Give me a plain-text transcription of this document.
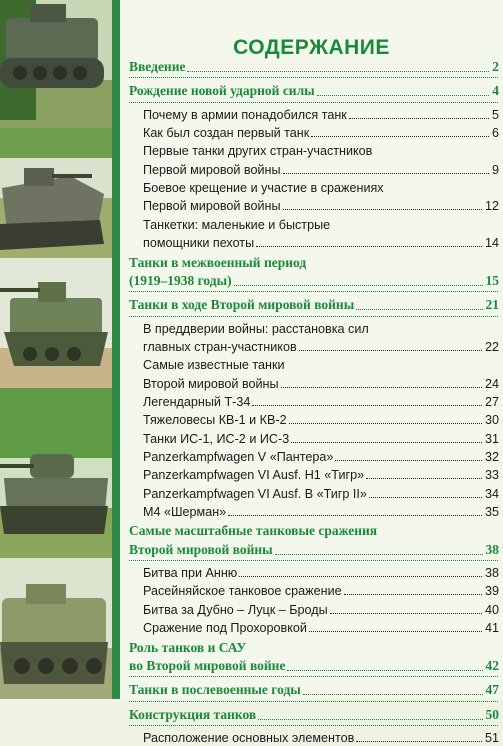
СОДЕРЖАНИЕ
Введение	2
Рождение новой ударной силы	4
Почему в армии понадобился танк	5
Как был создан первый танк	6
Первые танки других стран-участников
Первой мировой войны	9
Боевое крещение и участие в сражениях
Первой мировой войны	12
Танкетки: маленькие и быстрые
помощники пехоты	14
Танки в межвоенный период
(1919–1938 годы)	15
Танки в ходе Второй мировой войны	21
В преддверии войны: расстановка сил
главных стран-участников	22
Самые известные танки
Второй мировой войны	24
Легендарный Т-34	27
Тяжеловесы КВ-1 и КВ-2	30
Танки ИС-1, ИС-2 и ИС-3	31
Panzerkampfwagen V «Пантера»	32
Panzerkampfwagen VI Ausf. H1 «Тигр»	33
Panzerkampfwagen VI Ausf. B «Тигр II»	34
M4 «Шерман»	35
Самые масштабные танковые сражения
Второй мировой войны	38
Битва при Анню	38
Расейняйское танковое сражение	39
Битва за Дубно – Луцк – Броды	40
Сражение под Прохоровкой	41
Роль танков и САУ
во Второй мировой войне	42
Танки в послевоенные годы	47
Конструкция танков	50
Расположение основных элементов	51
